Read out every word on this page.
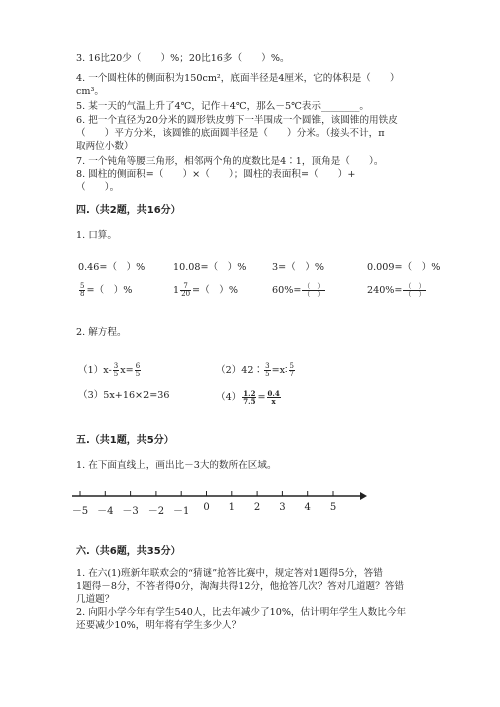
3. 16比20少（　　）%；20比16多（　　）%。
4. 一个圆柱体的侧面积为150cm²，底面半径是4厘米，它的体积是（　　）
cm³。
5. 某一天的气温上升了4℃，记作＋4℃，那么－5℃表示________。
6. 把一个直径为20分米的圆形铁皮剪下一半围成一个圆锥，该圆锥的用铁皮
（　　）平方分米，该圆锥的底面圆半径是（　　）分米。（接头不计，π
取两位小数）
7. 一个钝角等腰三角形，相邻两个角的度数比是4∶1，顶角是（　　）。
8. 圆柱的侧面积=（　　）×（　　）；圆柱的表面积=（　　）+
（　　）。
四.（共2题，共16分）
1. 口算。
0.46=（　）%	10.08=（　）%	3=（　）%	0.009=（　）%
$\frac{5}{8}$ =（　）%	$1 \frac{7}{20}$ =（　）%	$60\%= \frac{( )}{( )}$	$240\%= \frac{( )}{( )}$
2. 解方程。
$(1)x- \frac{3}{5} x= \frac{6}{5}$	（2）42∶ $\frac{3}{5}$ =x∶ $\frac{5}{7}$
（3）5x+16×2=36	$(4) \frac{1.2}{7.5} = \frac{0.4}{x}$
五.（共1题，共5分）
1. 在下面直线上，画出比－3大的数所在区域。
－5 －4 －3 －2 －1	0	1	2	3	4	5
六.（共6题，共35分）
1. 在六(1)班新年联欢会的“猜谜”抢答比赛中，规定答对1题得5分，答错
1题得－8分，不答者得0分，淘淘共得12分，他抢答几次？答对几道题？答错
几道题？
2. 向阳小学今年有学生540人，比去年减少了10%，估计明年学生人数比今年
还要减少10%，明年将有学生多少人？
